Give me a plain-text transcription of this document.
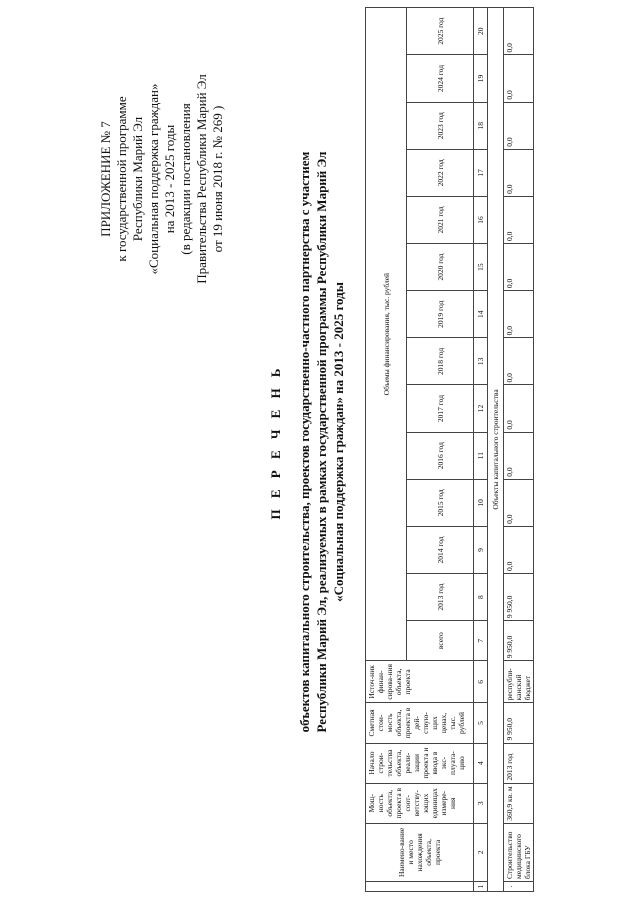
ПРИЛОЖЕНИЕ № 7 к государственной программе Республики Марий Эл «Социальная поддержка граждан» на 2013 - 2025 годы (в редакции постановления Правительства Республики Марий Эл от 19 июня 2018 г. № 269 )
П Е Р Е Ч Е Н Ь объектов капитального строительства, проектов государственно-частного партнерства с участием Республики Марий Эл, реализуемых в рамках государственной программы Республики Марий Эл «Социальная поддержка граждан» на 2013 - 2025 годы
	Наимено-вание и место нахождения объекта, проекта	Мощ-ность объекта, проекта в соот-ветству-ющих единицах измере-ния	Начало строи-тельства объекта, реали-зации проекта и ввода в экс-плуата-цию	Сметная стои-мость объекта, проекта в дей-ствую-щих ценах, тыс. рублей	Источ-ник финан-сирова-ния объекта, проекта	Объемы финансирования, тыс. рублей													
						всего	2013 год	2014 год	2015 год	2016 год	2017 год	2018 год	2019 год	2020 год	2021 год	2022 год	2023 год	2024 год	2025 год
1	2	3	4	5	6	7	8	9	10	11	12	13	14	15	16	17	18	19	20
Объекты капитального строительства																			
.	Строительство медицинского блока ГБУ	360,9 кв. м	2013 год	9 950,0	республи-канский бюджет	9 950,0	9 950,0	0,0	0,0	0,0	0,0	0,0	0,0	0,0	0,0	0,0	0,0	0,0	0,0
